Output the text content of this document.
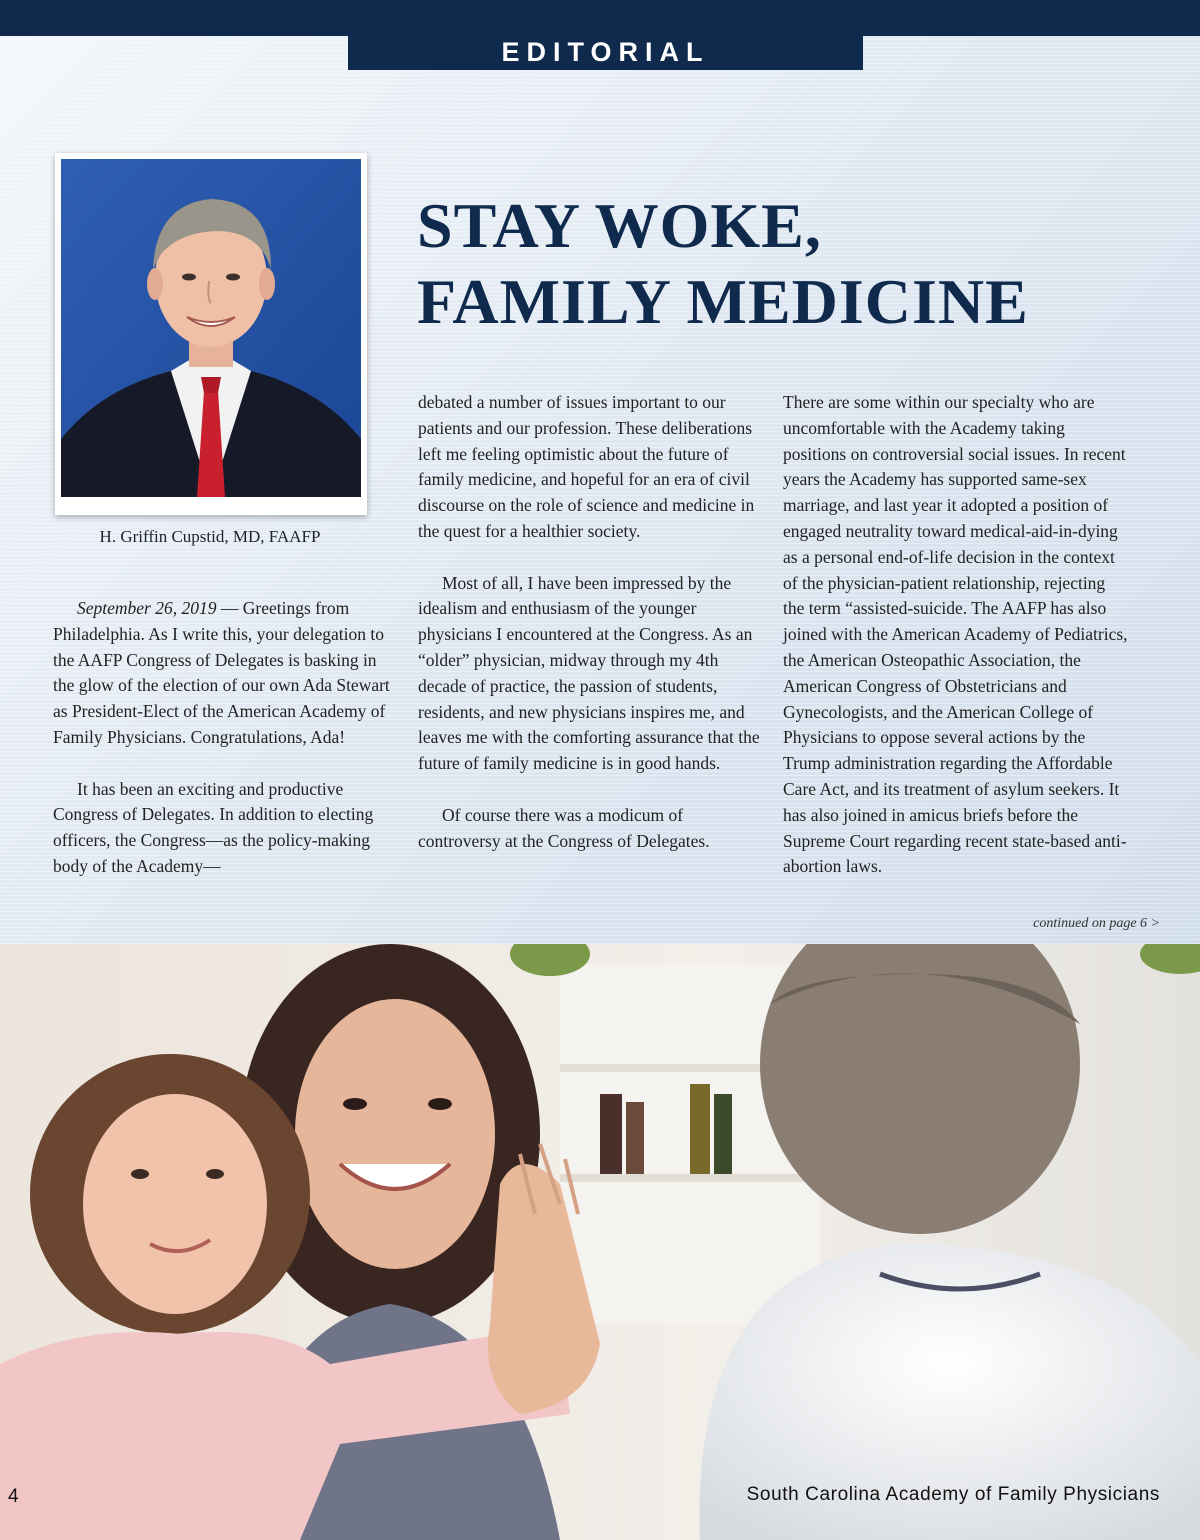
EDITORIAL
H. Griffin Cupstid, MD, FAAFP
STAY WOKE,
FAMILY MEDICINE

September 26, 2019 — Greetings from Philadelphia. As I write this, your delegation to the AAFP Congress of Delegates is basking in the glow of the election of our own Ada Stewart as President-Elect of the American Academy of Family Physicians. Congratulations, Ada!

It has been an exciting and productive Congress of Delegates. In addition to electing officers, the Congress—as the policy-making body of the Academy—

debated a number of issues important to our patients and our profession. These deliberations left me feeling optimistic about the future of family medicine, and hopeful for an era of civil discourse on the role of science and medicine in the quest for a healthier society.

Most of all, I have been impressed by the idealism and enthusiasm of the younger physicians I encountered at the Congress. As an “older” physician, midway through my 4th decade of practice, the passion of students, residents, and new physicians inspires me, and leaves me with the comforting assurance that the future of family medicine is in good hands.

Of course there was a modicum of controversy at the Congress of Delegates.

There are some within our specialty who are uncomfortable with the Academy taking positions on controversial social issues. In recent years the Academy has supported same-sex marriage, and last year it adopted a position of engaged neutrality toward medical-aid-in-dying as a personal end-of-life decision in the context of the physician-patient relationship, rejecting the term “assisted-suicide. The AAFP has also joined with the American Academy of Pediatrics, the American Osteopathic Association, the American Congress of Obstetricians and Gynecologists, and the American College of Physicians to oppose several actions by the Trump administration regarding the Affordable Care Act, and its treatment of asylum seekers. It has also joined in amicus briefs before the Supreme Court regarding recent state-based anti-abortion laws.

continued on page 6 >
4	South Carolina Academy of Family Physicians
